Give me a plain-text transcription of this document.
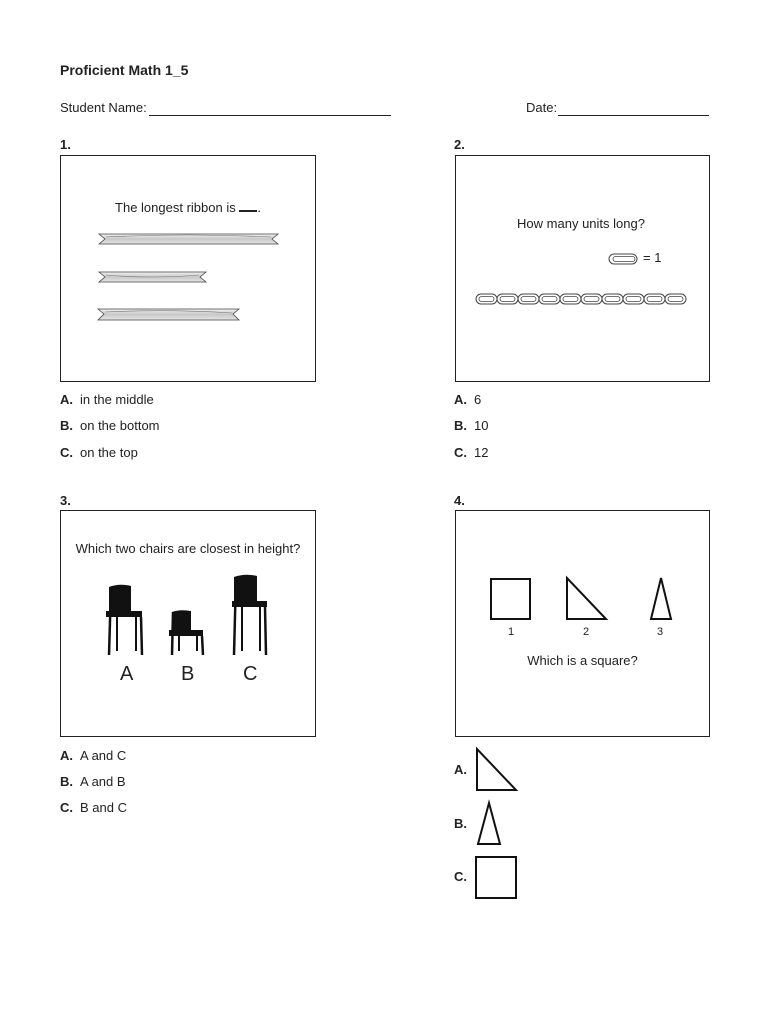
Proficient Math 1_5
Student Name:	Date:
1.
The longest ribbon is .
A. in the middle
B. on the bottom
C. on the top
2.
How many units long?
= 1
A. 6
B. 10
C. 12
3.
Which two chairs are closest in height?
A B C
A. A and C
B. A and B
C. B and C
4.
1	2	3
Which is a square?
A.
B.
C.
